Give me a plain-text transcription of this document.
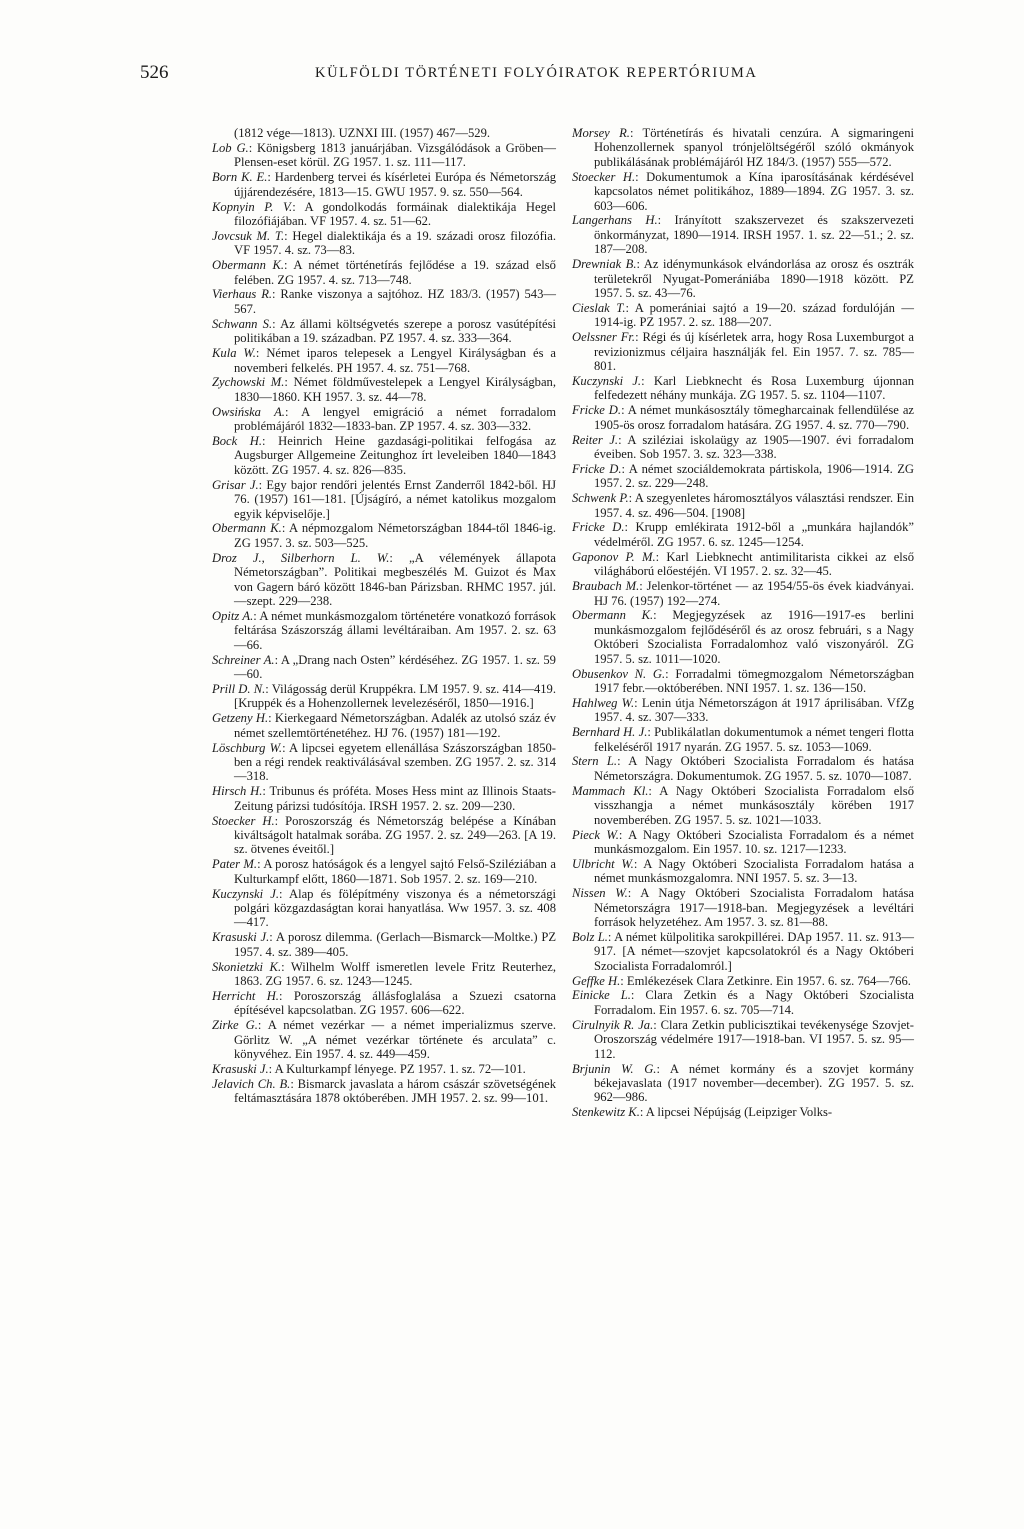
526	KÜLFÖLDI TÖRTÉNETI FOLYÓIRATOK REPERTÓRIUMA

(1812 vége—1813). UZNXI III. (1957) 467—529.

Lob G.: Königsberg 1813 januárjában. Vizsgálódások a Gröben—Plensen-eset körül. ZG 1957. 1. sz. 111—117.

Born K. E.: Hardenberg tervei és kísérletei Európa és Németország újjárendezésére, 1813—15. GWU 1957. 9. sz. 550—564.

Kopnyin P. V.: A gondolkodás formáinak dialektikája Hegel filozófiájában. VF 1957. 4. sz. 51—62.

Jovcsuk M. T.: Hegel dialektikája és a 19. századi orosz filozófia. VF 1957. 4. sz. 73—83.

Obermann K.: A német történetírás fejlődése a 19. század első felében. ZG 1957. 4. sz. 713—748.

Vierhaus R.: Ranke viszonya a sajtóhoz. HZ 183/3. (1957) 543—567.

Schwann S.: Az állami költségvetés szerepe a porosz vasútépítési politikában a 19. században. PZ 1957. 4. sz. 333—364.

Kula W.: Német iparos telepesek a Lengyel Királyságban és a novemberi felkelés. PH 1957. 4. sz. 751—768.

Zychowski M.: Német földművestelepek a Lengyel Királyságban, 1830—1860. KH 1957. 3. sz. 44—78.

Owsińska A.: A lengyel emigráció a német forradalom problémájáról 1832—1833-ban. ZP 1957. 4. sz. 303—332.

Bock H.: Heinrich Heine gazdasági-politikai felfogása az Augsburger Allgemeine Zeitunghoz írt leveleiben 1840—1843 között. ZG 1957. 4. sz. 826—835.

Grisar J.: Egy bajor rendőri jelentés Ernst Zanderről 1842-ből. HJ 76. (1957) 161—181. [Újságíró, a német katolikus mozgalom egyik képviselője.]

Obermann K.: A népmozgalom Németországban 1844-től 1846-ig. ZG 1957. 3. sz. 503—525.

Droz J., Silberhorn L. W.: „A vélemények állapota Németországban”. Politikai megbeszélés M. Guizot és Max von Gagern báró között 1846-ban Párizsban. RHMC 1957. júl.—szept. 229—238.

Opitz A.: A német munkásmozgalom történetére vonatkozó források feltárása Szászország állami levéltáraiban. Am 1957. 2. sz. 63—66.

Schreiner A.: A „Drang nach Osten” kérdéséhez. ZG 1957. 1. sz. 59—60.

Prill D. N.: Világosság derül Kruppékra. LM 1957. 9. sz. 414—419. [Kruppék és a Hohenzollernek levelezéséről, 1850—1916.]

Getzeny H.: Kierkegaard Németországban. Adalék az utolsó száz év német szellemtörténetéhez. HJ 76. (1957) 181—192.

Löschburg W.: A lipcsei egyetem ellenállása Szászországban 1850-ben a régi rendek reaktiválásával szemben. ZG 1957. 2. sz. 314—318.

Hirsch H.: Tribunus és próféta. Moses Hess mint az Illinois Staats-Zeitung párizsi tudósítója. IRSH 1957. 2. sz. 209—230.

Stoecker H.: Poroszország és Németország belépése a Kínában kiváltságolt hatalmak sorába. ZG 1957. 2. sz. 249—263. [A 19. sz. ötvenes éveitől.]

Pater M.: A porosz hatóságok és a lengyel sajtó Felső-Sziléziában a Kulturkampf előtt, 1860—1871. Sob 1957. 2. sz. 169—210.

Kuczynski J.: Alap és fölépítmény viszonya és a németországi polgári közgazdaságtan korai hanyatlása. Ww 1957. 3. sz. 408—417.

Krasuski J.: A porosz dilemma. (Gerlach—Bismarck—Moltke.) PZ 1957. 4. sz. 389—405.

Skonietzki K.: Wilhelm Wolff ismeretlen levele Fritz Reuterhez, 1863. ZG 1957. 6. sz. 1243—1245.

Herricht H.: Poroszország állásfoglalása a Szuezi csatorna építésével kapcsolatban. ZG 1957. 606—622.

Zirke G.: A német vezérkar — a német imperializmus szerve. Görlitz W. „A német vezérkar története és arculata” c. könyvéhez. Ein 1957. 4. sz. 449—459.

Krasuski J.: A Kulturkampf lényege. PZ 1957. 1. sz. 72—101.

Jelavich Ch. B.: Bismarck javaslata a három császár szövetségének feltámasztására 1878 októberében. JMH 1957. 2. sz. 99—101.

Morsey R.: Történetírás és hivatali cenzúra. A sigmaringeni Hohenzollernek spanyol trónjelöltségéről szóló okmányok publikálásának problémájáról HZ 184/3. (1957) 555—572.

Stoecker H.: Dokumentumok a Kína iparosításának kérdésével kapcsolatos német politikához, 1889—1894. ZG 1957. 3. sz. 603—606.

Langerhans H.: Irányított szakszervezet és szakszervezeti önkormányzat, 1890—1914. IRSH 1957. 1. sz. 22—51.; 2. sz. 187—208.

Drewniak B.: Az idénymunkások elvándorlása az orosz és osztrák területekről Nyugat-Pomerániába 1890—1918 között. PZ 1957. 5. sz. 43—76.

Cieslak T.: A pomerániai sajtó a 19—20. század fordulóján — 1914-ig. PZ 1957. 2. sz. 188—207.

Oelssner Fr.: Régi és új kísérletek arra, hogy Rosa Luxemburgot a revizionizmus céljaira használják fel. Ein 1957. 7. sz. 785—801.

Kuczynski J.: Karl Liebknecht és Rosa Luxemburg újonnan felfedezett néhány munkája. ZG 1957. 5. sz. 1104—1107.

Fricke D.: A német munkásosztály tömegharcainak fellendülése az 1905-ös orosz forradalom hatására. ZG 1957. 4. sz. 770—790.

Reiter J.: A sziléziai iskolaügy az 1905—1907. évi forradalom éveiben. Sob 1957. 3. sz. 323—338.

Fricke D.: A német szociáldemokrata pártiskola, 1906—1914. ZG 1957. 2. sz. 229—248.

Schwenk P.: A szegyenletes háromosztályos választási rendszer. Ein 1957. 4. sz. 496—504. [1908]

Fricke D.: Krupp emlékirata 1912-ből a „munkára hajlandók” védelméről. ZG 1957. 6. sz. 1245—1254.

Gaponov P. M.: Karl Liebknecht antimilitarista cikkei az első világháború előestéjén. VI 1957. 2. sz. 32—45.

Braubach M.: Jelenkor-történet — az 1954/55-ös évek kiadványai. HJ 76. (1957) 192—274.

Obermann K.: Megjegyzések az 1916—1917-es berlini munkásmozgalom fejlődéséről és az orosz februári, s a Nagy Októberi Szocialista Forradalomhoz való viszonyáról. ZG 1957. 5. sz. 1011—1020.

Obusenkov N. G.: Forradalmi tömegmozgalom Németországban 1917 febr.—októberében. NNI 1957. 1. sz. 136—150.

Hahlweg W.: Lenin útja Németországon át 1917 áprilisában. VfZg 1957. 4. sz. 307—333.

Bernhard H. J.: Publikálatlan dokumentumok a német tengeri flotta felkeléséről 1917 nyarán. ZG 1957. 5. sz. 1053—1069.

Stern L.: A Nagy Októberi Szocialista Forradalom és hatása Németországra. Dokumentumok. ZG 1957. 5. sz. 1070—1087.

Mammach Kl.: A Nagy Októberi Szocialista Forradalom első visszhangja a német munkásosztály körében 1917 novemberében. ZG 1957. 5. sz. 1021—1033.

Pieck W.: A Nagy Októberi Szocialista Forradalom és a német munkásmozgalom. Ein 1957. 10. sz. 1217—1233.

Ulbricht W.: A Nagy Októberi Szocialista Forradalom hatása a német munkásmozgalomra. NNI 1957. 5. sz. 3—13.

Nissen W.: A Nagy Októberi Szocialista Forradalom hatása Németországra 1917—1918-ban. Megjegyzések a levéltári források helyzetéhez. Am 1957. 3. sz. 81—88.

Bolz L.: A német külpolitika sarokpillérei. DAp 1957. 11. sz. 913—917. [A német—szovjet kapcsolatokról és a Nagy Októberi Szocialista Forradalomról.]

Geffke H.: Emlékezések Clara Zetkinre. Ein 1957. 6. sz. 764—766.

Einicke L.: Clara Zetkin és a Nagy Októberi Szocialista Forradalom. Ein 1957. 6. sz. 705—714.

Cirulnyik R. Ja.: Clara Zetkin publicisztikai tevékenysége Szovjet-Oroszország védelmére 1917—1918-ban. VI 1957. 5. sz. 95—112.

Brjunin W. G.: A német kormány és a szovjet kormány békejavaslata (1917 november—december). ZG 1957. 5. sz. 962—986.

Stenkewitz K.: A lipcsei Népújság (Leipziger Volks-
